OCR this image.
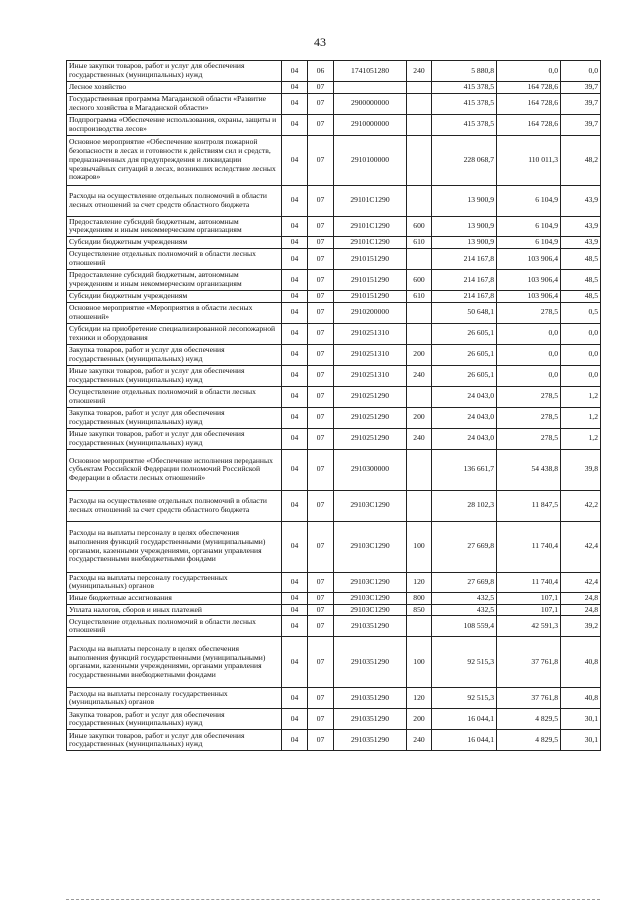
43
Иные закупки товаров, работ и услуг для обеспечения государственных (муниципальных) нужд	04	06	1741051280	240	5 880,8	0,0	0,0
Лесное хозяйство	04	07			415 378,5	164 728,6	39,7
Государственная программа Магаданской области «Развитие лесного хозяйства в Магаданской области»	04	07	2900000000		415 378,5	164 728,6	39,7
Подпрограмма «Обеспечение использования, охраны, защиты и воспроизводства лесов»	04	07	2910000000		415 378,5	164 728,6	39,7
Основное мероприятие «Обеспечение контроля пожарной безопасности в лесах и готовности к действиям сил и средств, предназначенных для предупреждения и ликвидации чрезвычайных ситуаций в лесах, возникших вследствие лесных пожаров»	04	07	2910100000		228 068,7	110 011,3	48,2
Расходы на осуществление отдельных полномочий в области лесных отношений за счет средств областного бюджета	04	07	29101С1290		13 900,9	6 104,9	43,9
Предоставление субсидий бюджетным, автономным учреждениям и иным некоммерческим организациям	04	07	29101С1290	600	13 900,9	6 104,9	43,9
Субсидии бюджетным учреждениям	04	07	29101С1290	610	13 900,9	6 104,9	43,9
Осуществление отдельных полномочий в области лесных отношений	04	07	2910151290		214 167,8	103 906,4	48,5
Предоставление субсидий бюджетным, автономным учреждениям и иным некоммерческим организациям	04	07	2910151290	600	214 167,8	103 906,4	48,5
Субсидии бюджетным учреждениям	04	07	2910151290	610	214 167,8	103 906,4	48,5
Основное мероприятие «Мероприятия в области лесных отношений»	04	07	2910200000		50 648,1	278,5	0,5
Субсидии на приобретение специализированной лесопожарной техники и оборудования	04	07	2910251310		26 605,1	0,0	0,0
Закупка товаров, работ и услуг для обеспечения государственных (муниципальных) нужд	04	07	2910251310	200	26 605,1	0,0	0,0
Иные закупки товаров, работ и услуг для обеспечения государственных (муниципальных) нужд	04	07	2910251310	240	26 605,1	0,0	0,0
Осуществление отдельных полномочий в области лесных отношений	04	07	2910251290		24 043,0	278,5	1,2
Закупка товаров, работ и услуг для обеспечения государственных (муниципальных) нужд	04	07	2910251290	200	24 043,0	278,5	1,2
Иные закупки товаров, работ и услуг для обеспечения государственных (муниципальных) нужд	04	07	2910251290	240	24 043,0	278,5	1,2
Основное мероприятие «Обеспечение исполнения переданных субъектам Российской Федерации полномочий Российской Федерации в области лесных отношений»	04	07	2910300000		136 661,7	54 438,8	39,8
Расходы на осуществление отдельных полномочий в области лесных отношений за счет средств областного бюджета	04	07	29103С1290		28 102,3	11 847,5	42,2
Расходы на выплаты персоналу в целях обеспечения выполнения функций государственными (муниципальными) органами, казенными учреждениями, органами управления государственными внебюджетными фондами	04	07	29103С1290	100	27 669,8	11 740,4	42,4
Расходы на выплаты персоналу государственных (муниципальных) органов	04	07	29103С1290	120	27 669,8	11 740,4	42,4
Иные бюджетные ассигнования	04	07	29103С1290	800	432,5	107,1	24,8
Уплата налогов, сборов и иных платежей	04	07	29103С1290	850	432,5	107,1	24,8
Осуществление отдельных полномочий в области лесных отношений	04	07	2910351290		108 559,4	42 591,3	39,2
Расходы на выплаты персоналу в целях обеспечения выполнения функций государственными (муниципальными) органами, казенными учреждениями, органами управления государственными внебюджетными фондами	04	07	2910351290	100	92 515,3	37 761,8	40,8
Расходы на выплаты персоналу государственных (муниципальных) органов	04	07	2910351290	120	92 515,3	37 761,8	40,8
Закупка товаров, работ и услуг для обеспечения государственных (муниципальных) нужд	04	07	2910351290	200	16 044,1	4 829,5	30,1
Иные закупки товаров, работ и услуг для обеспечения государственных (муниципальных) нужд	04	07	2910351290	240	16 044,1	4 829,5	30,1
